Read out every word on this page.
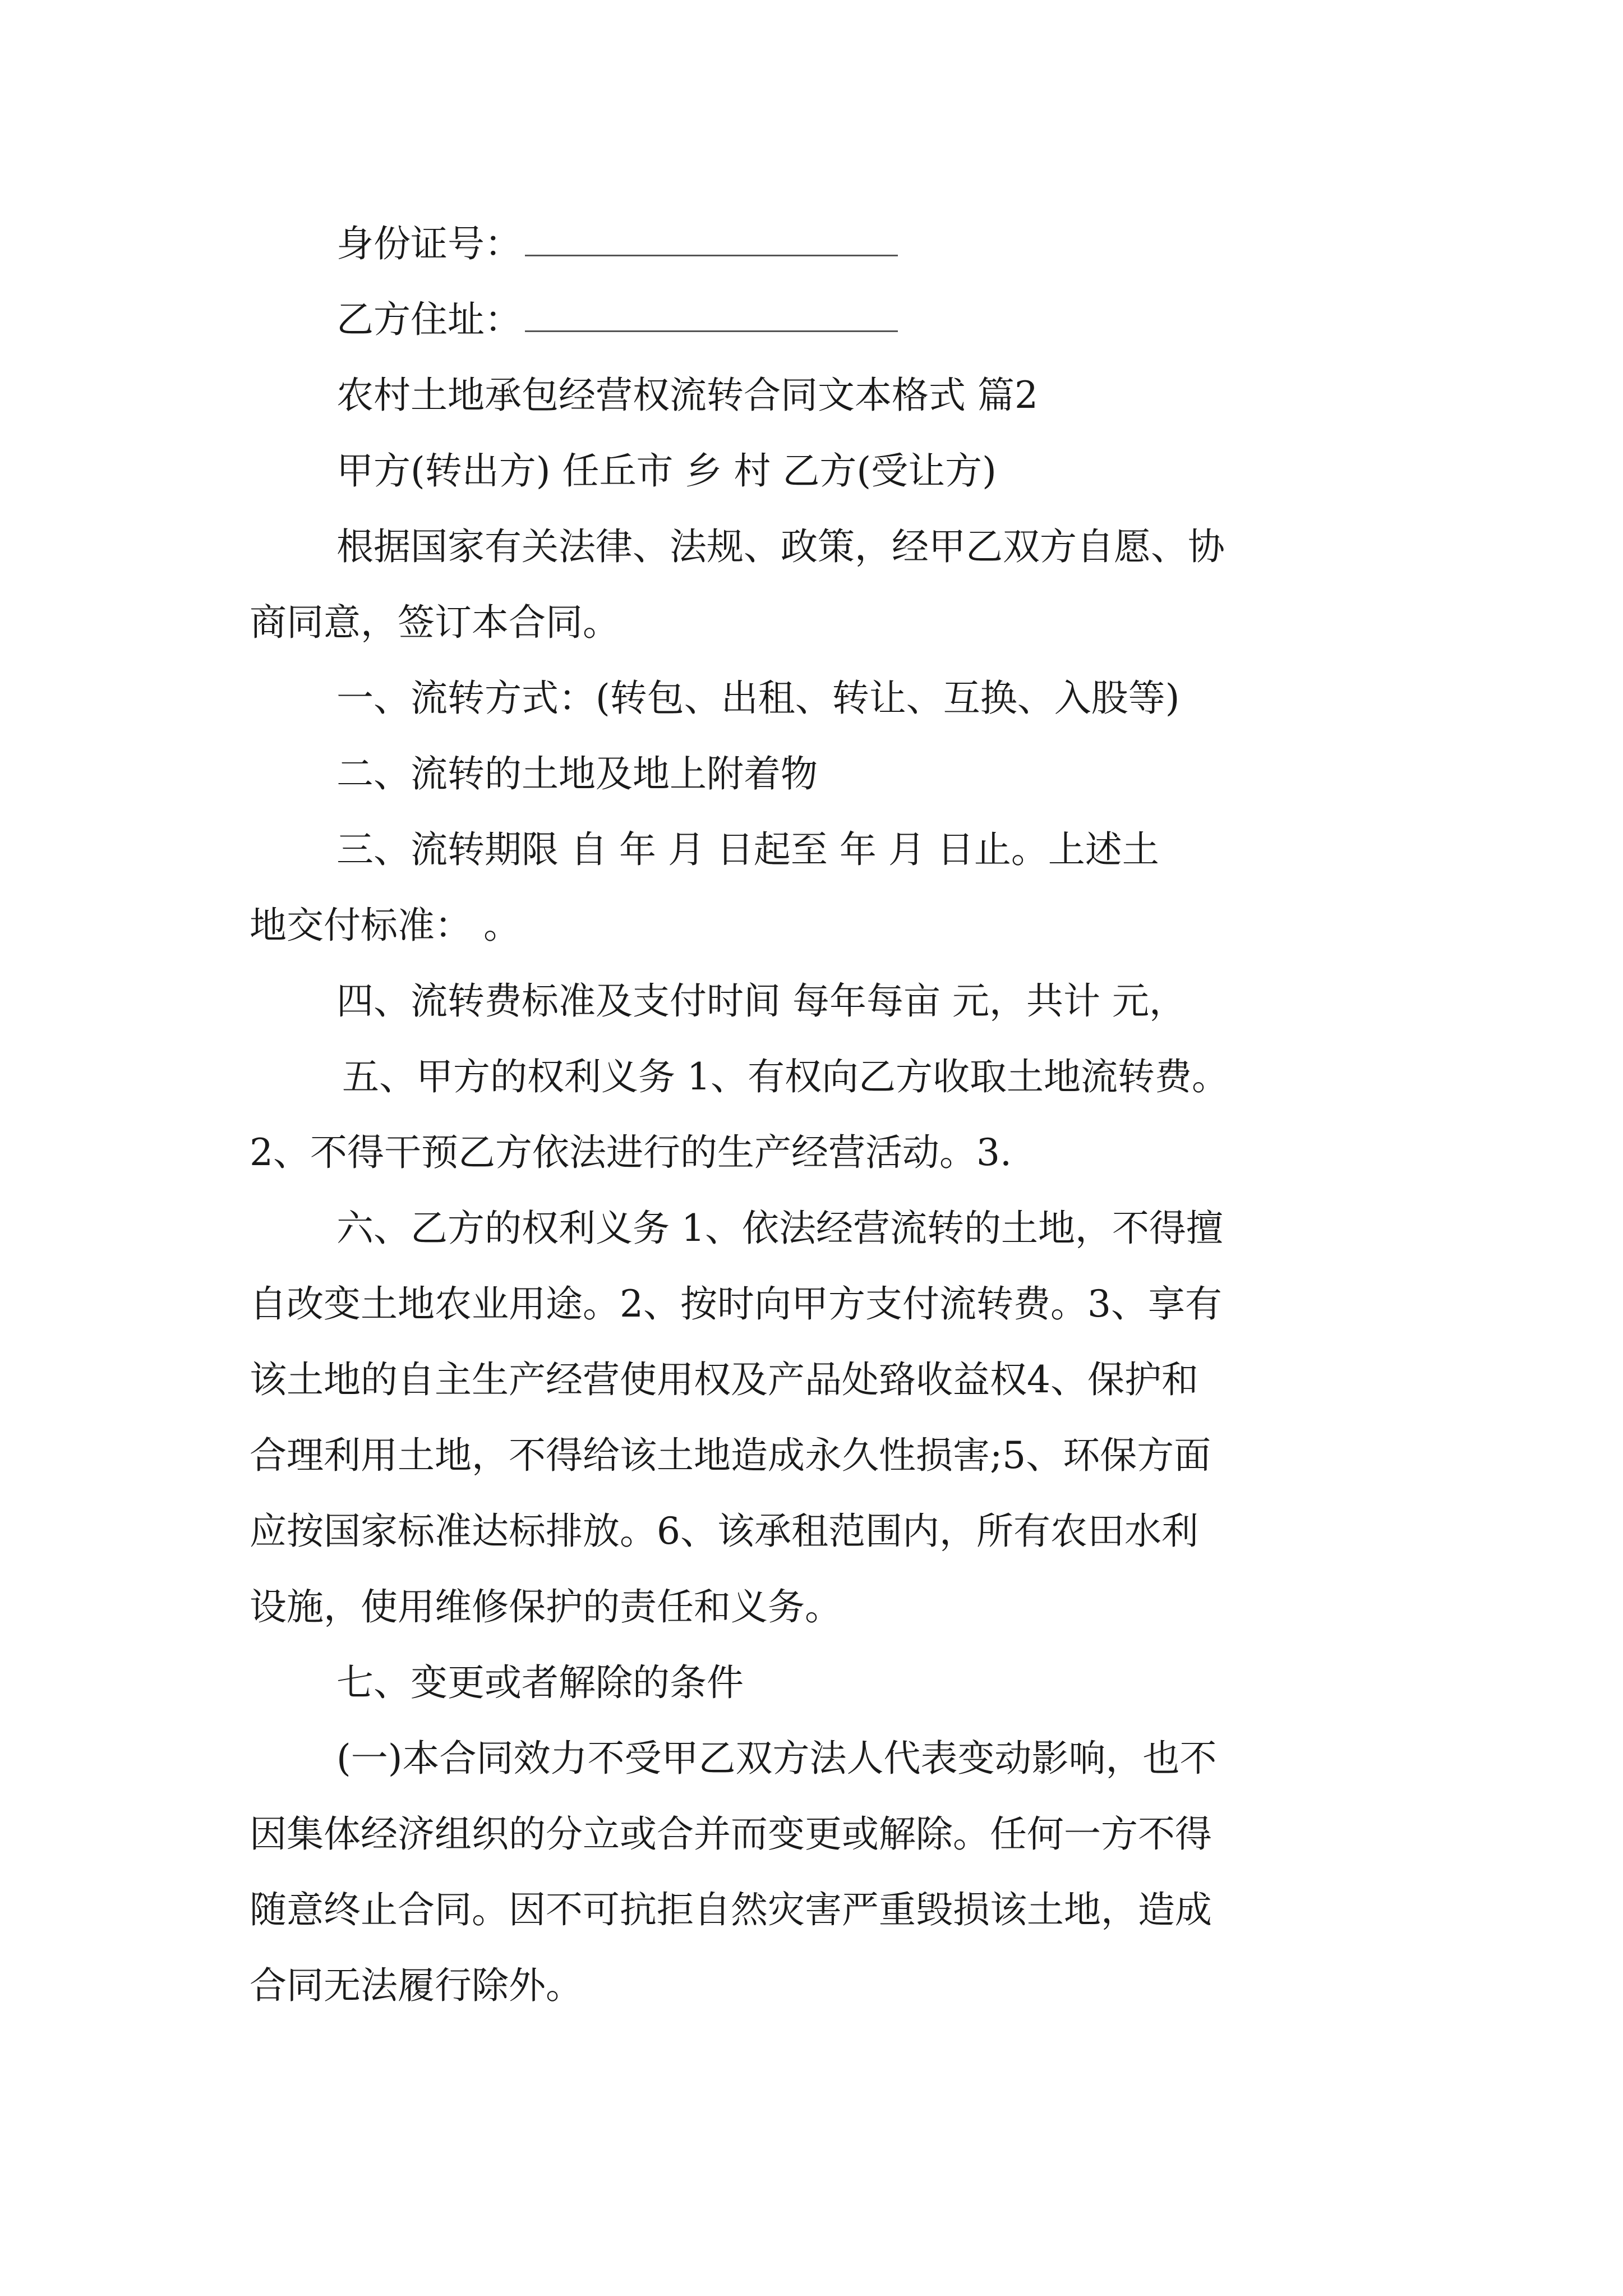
身份证号：
乙方住址：
农村土地承包经营权流转合同文本格式 篇2
甲方(转出方) 任丘市 乡 村 乙方(受让方)
根据国家有关法律、法规、政策，经甲乙双方自愿、协
商同意，签订本合同。
一、流转方式：(转包、出租、转让、互换、入股等)
二、流转的土地及地上附着物
三、流转期限 自 年 月 日起至 年 月 日止。上述土
地交付标准： 。
四、流转费标准及支付时间 每年每亩 元，共计 元，
五、甲方的权利义务 1、有权向乙方收取土地流转费。
2、不得干预乙方依法进行的生产经营活动。3.
六、乙方的权利义务 1、依法经营流转的土地，不得擅
自改变土地农业用途。2、按时向甲方支付流转费。3、享有
该土地的自主生产经营使用权及产品处臵收益权4、保护和
合理利用土地，不得给该土地造成永久性损害;5、环保方面
应按国家标准达标排放。6、该承租范围内，所有农田水利
设施，使用维修保护的责任和义务。
七、变更或者解除的条件
(一)本合同效力不受甲乙双方法人代表变动影响，也不
因集体经济组织的分立或合并而变更或解除。任何一方不得
随意终止合同。因不可抗拒自然灾害严重毁损该土地，造成
合同无法履行除外。
